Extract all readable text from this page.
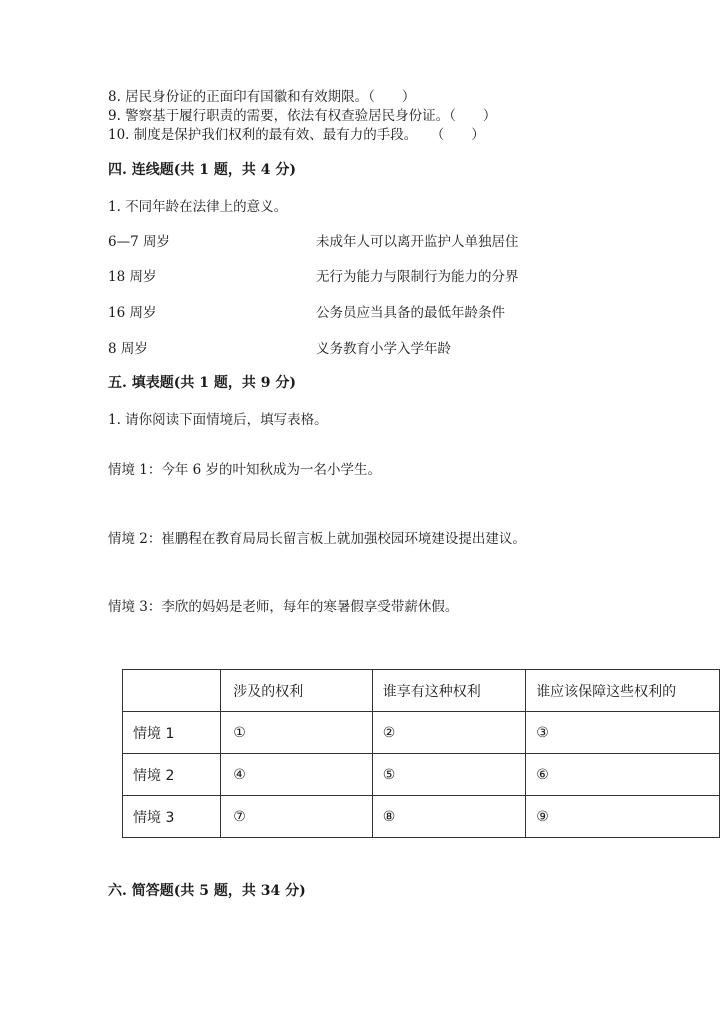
8. 居民身份证的正面印有国徽和有效期限。（　　）
9. 警察基于履行职责的需要，依法有权查验居民身份证。（　　）
10. 制度是保护我们权利的最有效、最有力的手段。　　（　　）
四. 连线题(共 1 题，共 4 分)
1. 不同年龄在法律上的意义。
6—7 周岁	未成年人可以离开监护人单独居住
18 周岁	无行为能力与限制行为能力的分界
16 周岁	公务员应当具备的最低年龄条件
8 周岁	义务教育小学入学年龄
五. 填表题(共 1 题，共 9 分)
1. 请你阅读下面情境后，填写表格。
情境 1：今年 6 岁的叶知秋成为一名小学生。
情境 2：崔鹏程在教育局局长留言板上就加强校园环境建设提出建议。
情境 3：李欣的妈妈是老师，每年的寒暑假享受带薪休假。
	涉及的权利	谁享有这种权利	谁应该保障这些权利的
情境 1	①	②	③
情境 2	④	⑤	⑥
情境 3	⑦	⑧	⑨
六. 简答题(共 5 题，共 34 分)
